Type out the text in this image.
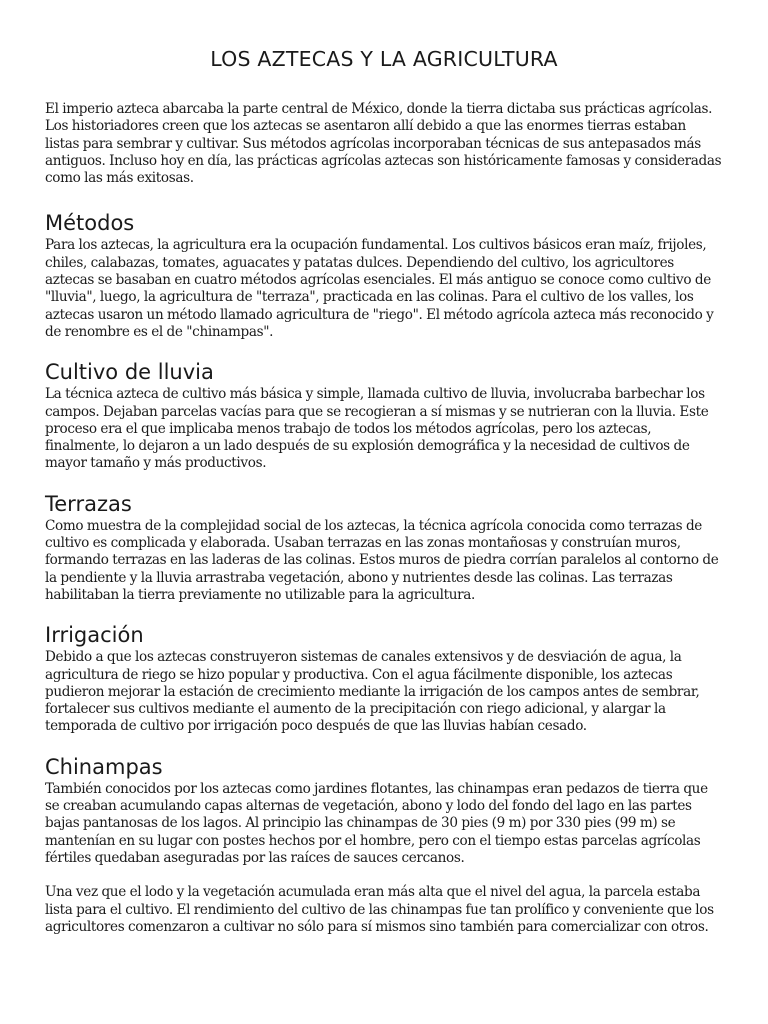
LOS AZTECAS Y LA AGRICULTURA

El imperio azteca abarcaba la parte central de México, donde la tierra dictaba sus prácticas agrícolas. Los historiadores creen que los aztecas se asentaron allí debido a que las enormes tierras estaban listas para sembrar y cultivar. Sus métodos agrícolas incorporaban técnicas de sus antepasados más antiguos. Incluso hoy en día, las prácticas agrícolas aztecas son históricamente famosas y consideradas como las más exitosas.

Métodos

Para los aztecas, la agricultura era la ocupación fundamental. Los cultivos básicos eran maíz, frijoles, chiles, calabazas, tomates, aguacates y patatas dulces. Dependiendo del cultivo, los agricultores aztecas se basaban en cuatro métodos agrícolas esenciales. El más antiguo se conoce como cultivo de "lluvia", luego, la agricultura de "terraza", practicada en las colinas. Para el cultivo de los valles, los aztecas usaron un método llamado agricultura de "riego". El método agrícola azteca más reconocido y de renombre es el de "chinampas".

Cultivo de lluvia

La técnica azteca de cultivo más básica y simple, llamada cultivo de lluvia, involucraba barbechar los campos. Dejaban parcelas vacías para que se recogieran a sí mismas y se nutrieran con la lluvia. Este proceso era el que implicaba menos trabajo de todos los métodos agrícolas, pero los aztecas, finalmente, lo dejaron a un lado después de su explosión demográfica y la necesidad de cultivos de mayor tamaño y más productivos.

Terrazas

Como muestra de la complejidad social de los aztecas, la técnica agrícola conocida como terrazas de cultivo es complicada y elaborada. Usaban terrazas en las zonas montañosas y construían muros, formando terrazas en las laderas de las colinas. Estos muros de piedra corrían paralelos al contorno de la pendiente y la lluvia arrastraba vegetación, abono y nutrientes desde las colinas. Las terrazas habilitaban la tierra previamente no utilizable para la agricultura.

Irrigación

Debido a que los aztecas construyeron sistemas de canales extensivos y de desviación de agua, la agricultura de riego se hizo popular y productiva. Con el agua fácilmente disponible, los aztecas pudieron mejorar la estación de crecimiento mediante la irrigación de los campos antes de sembrar, fortalecer sus cultivos mediante el aumento de la precipitación con riego adicional, y alargar la temporada de cultivo por irrigación poco después de que las lluvias habían cesado.

Chinampas

También conocidos por los aztecas como jardines flotantes, las chinampas eran pedazos de tierra que se creaban acumulando capas alternas de vegetación, abono y lodo del fondo del lago en las partes bajas pantanosas de los lagos. Al principio las chinampas de 30 pies (9 m) por 330 pies (99 m) se mantenían en su lugar con postes hechos por el hombre, pero con el tiempo estas parcelas agrícolas fértiles quedaban aseguradas por las raíces de sauces cercanos.

Una vez que el lodo y la vegetación acumulada eran más alta que el nivel del agua, la parcela estaba lista para el cultivo. El rendimiento del cultivo de las chinampas fue tan prolífico y conveniente que los agricultores comenzaron a cultivar no sólo para sí mismos sino también para comercializar con otros.
